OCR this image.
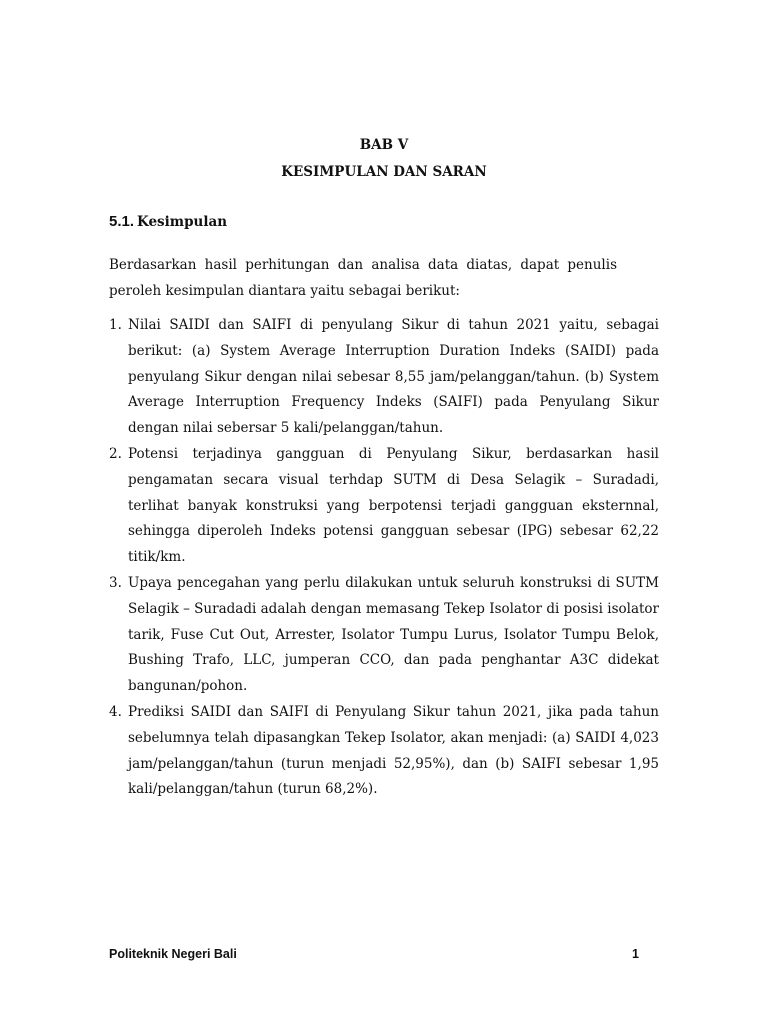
BAB V
KESIMPULAN DAN SARAN
5.1. Kesimpulan
Berdasarkan hasil perhitungan dan analisa data diatas, dapat penulis peroleh kesimpulan diantara yaitu sebagai berikut:
1. Nilai SAIDI dan SAIFI di penyulang Sikur di tahun 2021 yaitu, sebagai berikut: (a) System Average Interruption Duration Indeks (SAIDI) pada penyulang Sikur dengan nilai sebesar 8,55 jam/pelanggan/tahun. (b) System Average Interruption Frequency Indeks (SAIFI) pada Penyulang Sikur dengan nilai sebersar 5 kali/pelanggan/tahun.
2. Potensi terjadinya gangguan di Penyulang Sikur, berdasarkan hasil pengamatan secara visual terhdap SUTM di Desa Selagik – Suradadi, terlihat banyak konstruksi yang berpotensi terjadi gangguan eksternnal, sehingga diperoleh Indeks potensi gangguan sebesar (IPG) sebesar 62,22 titik/km.
3. Upaya pencegahan yang perlu dilakukan untuk seluruh konstruksi di SUTM Selagik – Suradadi adalah dengan memasang Tekep Isolator di posisi isolator tarik, Fuse Cut Out, Arrester, Isolator Tumpu Lurus, Isolator Tumpu Belok, Bushing Trafo, LLC, jumperan CCO, dan pada penghantar A3C didekat bangunan/pohon.
4. Prediksi SAIDI dan SAIFI di Penyulang Sikur tahun 2021, jika pada tahun sebelumnya telah dipasangkan Tekep Isolator, akan menjadi: (a) SAIDI 4,023 jam/pelanggan/tahun (turun menjadi 52,95%), dan (b) SAIFI sebesar 1,95 kali/pelanggan/tahun (turun 68,2%).
Politeknik Negeri Bali	1
